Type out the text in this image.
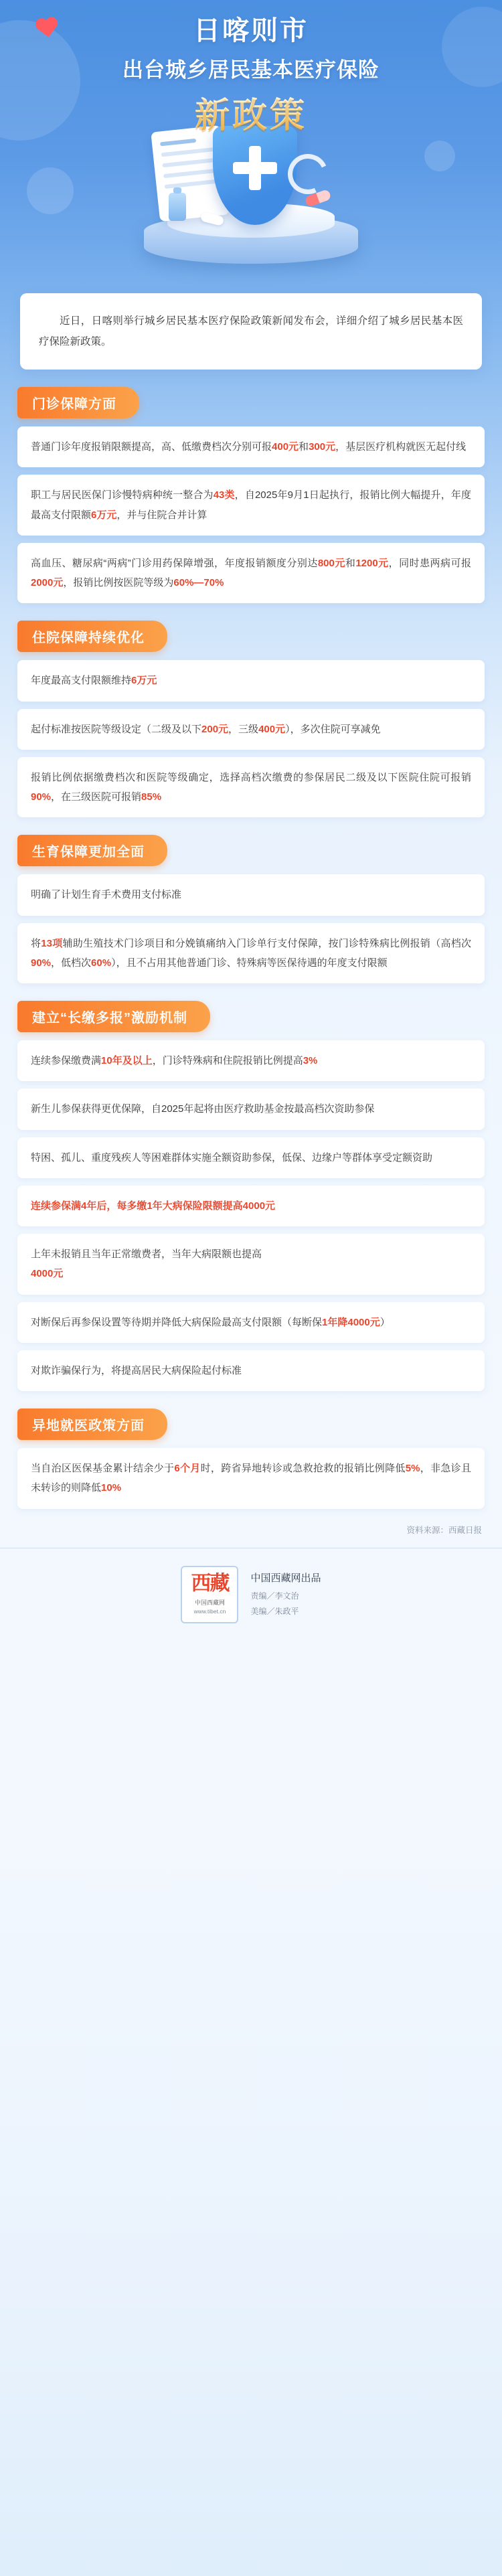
日喀则市
出台城乡居民基本医疗保险
新政策

近日，日喀则举行城乡居民基本医疗保险政策新闻发布会，详细介绍了城乡居民基本医疗保险新政策。

门诊保障方面
普通门诊年度报销限额提高，高、低缴费档次分别可报400元和300元，基层医疗机构就医无起付线
职工与居民医保门诊慢特病种统一整合为43类，自2025年9月1日起执行，报销比例大幅提升，年度最高支付限额6万元，并与住院合并计算
高血压、糖尿病“两病”门诊用药保障增强，年度报销额度分别达800元和1200元，同时患两病可报2000元，报销比例按医院等级为60%—70%
住院保障持续优化
年度最高支付限额维持6万元
起付标准按医院等级设定（二级及以下200元，三级400元），多次住院可享减免
报销比例依据缴费档次和医院等级确定，选择高档次缴费的参保居民二级及以下医院住院可报销90%，在三级医院可报销85%
生育保障更加全面
明确了计划生育手术费用支付标准
将13项辅助生殖技术门诊项目和分娩镇痛纳入门诊单行支付保障，按门诊特殊病比例报销（高档次90%，低档次60%），且不占用其他普通门诊、特殊病等医保待遇的年度支付限额
建立“长缴多报”激励机制
连续参保缴费满10年及以上，门诊特殊病和住院报销比例提高3%
新生儿参保获得更优保障，自2025年起将由医疗救助基金按最高档次资助参保
特困、孤儿、重度残疾人等困难群体实施全额资助参保，低保、边缘户等群体享受定额资助
连续参保满4年后，每多缴1年大病保险限额提高4000元
上年未报销且当年正常缴费者，当年大病限额也提高
4000元
对断保后再参保设置等待期并降低大病保险最高支付限额（每断保1年降4000元）
对欺诈骗保行为，将提高居民大病保险起付标准
异地就医政策方面
当自治区医保基金累计结余少于6个月时，跨省异地转诊或急救抢救的报销比例降低5%，非急诊且未转诊的则降低10%
资料来源：西藏日报
西藏
中国西藏网
www.tibet.cn
中国西藏网出品
责编／李文治
美编／朱政平
